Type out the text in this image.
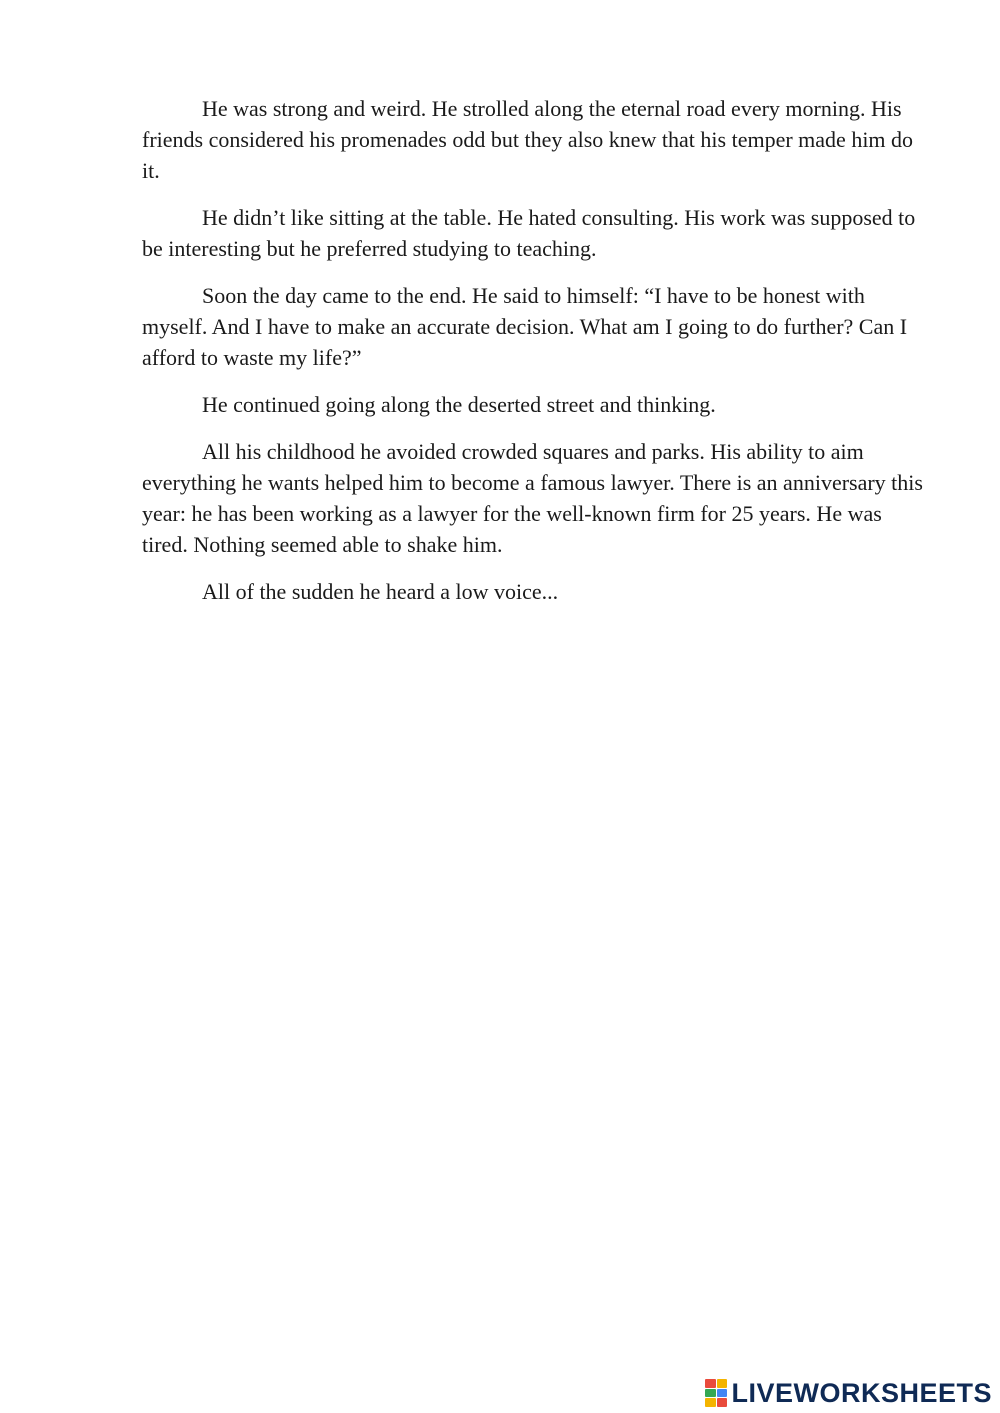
He was strong and weird. He strolled along the eternal road every morning. His friends considered his promenades odd but they also knew that his temper made him do it.

He didn’t like sitting at the table. He hated consulting. His work was supposed to be interesting but he preferred studying to teaching.

Soon the day came to the end. He said to himself: “I have to be honest with myself. And I have to make an accurate decision. What am I going to do further? Can I afford to waste my life?”

He continued going along the deserted street and thinking.

All his childhood he avoided crowded squares and parks. His ability to aim everything he wants helped him to become a famous lawyer. There is an anniversary this year: he has been working as a lawyer for the well-known firm for 25 years. He was tired. Nothing seemed able to shake him.

All of the sudden he heard a low voice...

LIVEWORKSHEETS
